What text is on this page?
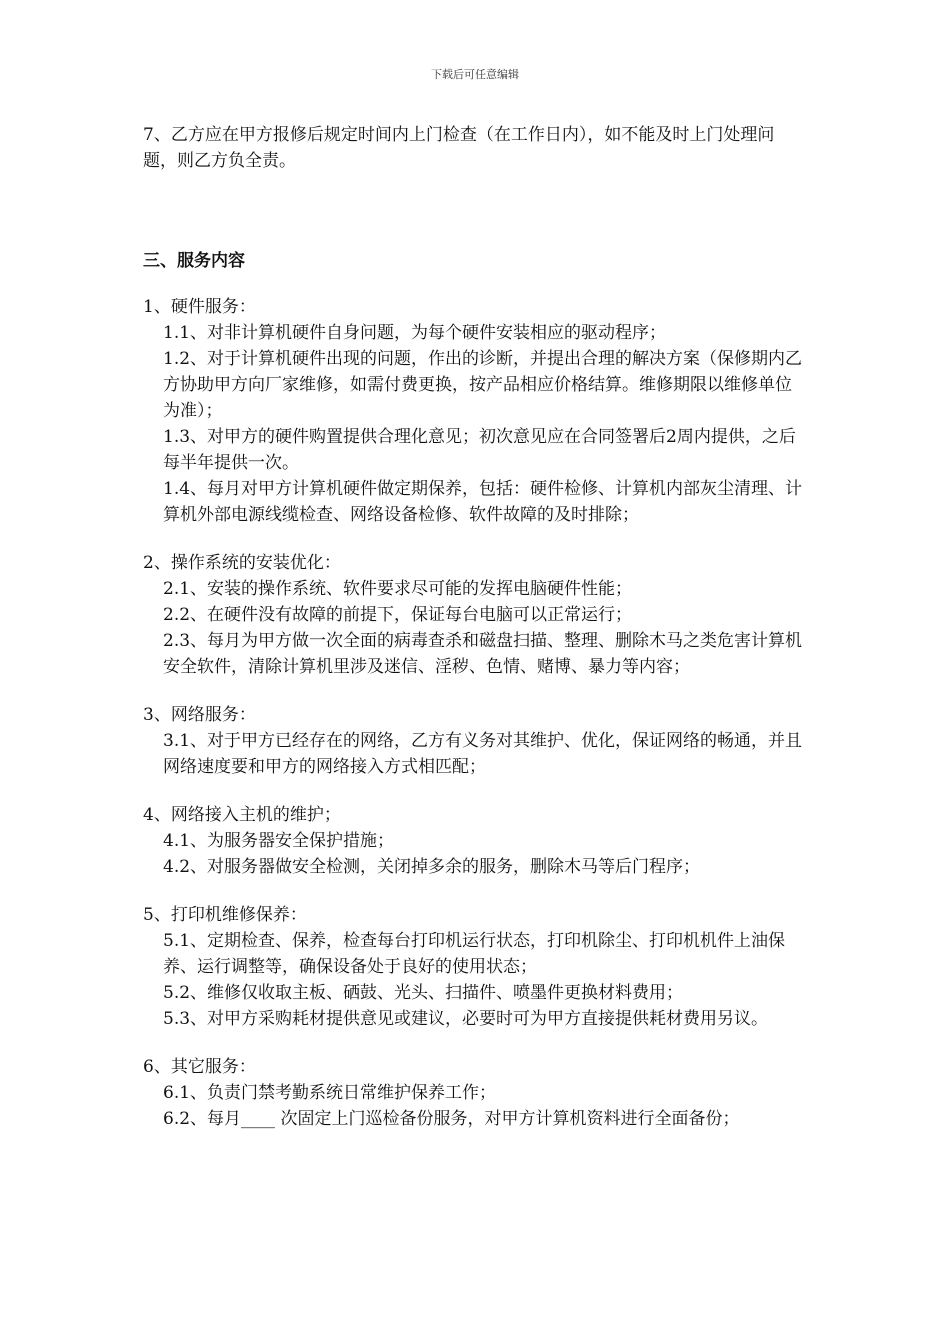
下载后可任意编辑

7、乙方应在甲方报修后规定时间内上门检查（在工作日内），如不能及时上门处理问题，则乙方负全责。

三、服务内容

1、硬件服务：

1.1、对非计算机硬件自身问题，为每个硬件安装相应的驱动程序；

1.2、对于计算机硬件出现的问题，作出的诊断，并提出合理的解决方案（保修期内乙方协助甲方向厂家维修，如需付费更换，按产品相应价格结算。维修期限以维修单位为准）；

1.3、对甲方的硬件购置提供合理化意见；初次意见应在合同签署后2周内提供，之后每半年提供一次。

1.4、每月对甲方计算机硬件做定期保养，包括：硬件检修、计算机内部灰尘清理、计算机外部电源线缆检查、网络设备检修、软件故障的及时排除；

2、操作系统的安装优化：

2.1、安装的操作系统、软件要求尽可能的发挥电脑硬件性能；

2.2、在硬件没有故障的前提下，保证每台电脑可以正常运行；

2.3、每月为甲方做一次全面的病毒查杀和磁盘扫描、整理、删除木马之类危害计算机安全软件，清除计算机里涉及迷信、淫秽、色情、赌博、暴力等内容；

3、网络服务：

3.1、对于甲方已经存在的网络，乙方有义务对其维护、优化，保证网络的畅通，并且网络速度要和甲方的网络接入方式相匹配；

4、网络接入主机的维护；

4.1、为服务器安全保护措施；

4.2、对服务器做安全检测，关闭掉多余的服务，删除木马等后门程序；

5、打印机维修保养：

5.1、定期检查、保养，检查每台打印机运行状态，打印机除尘、打印机机件上油保养、运行调整等，确保设备处于良好的使用状态；

5.2、维修仅收取主板、硒鼓、光头、扫描件、喷墨件更换材料费用；

5.3、对甲方采购耗材提供意见或建议，必要时可为甲方直接提供耗材费用另议。

6、其它服务：

6.1、负责门禁考勤系统日常维护保养工作；

6.2、每月____ 次固定上门巡检备份服务，对甲方计算机资料进行全面备份；
